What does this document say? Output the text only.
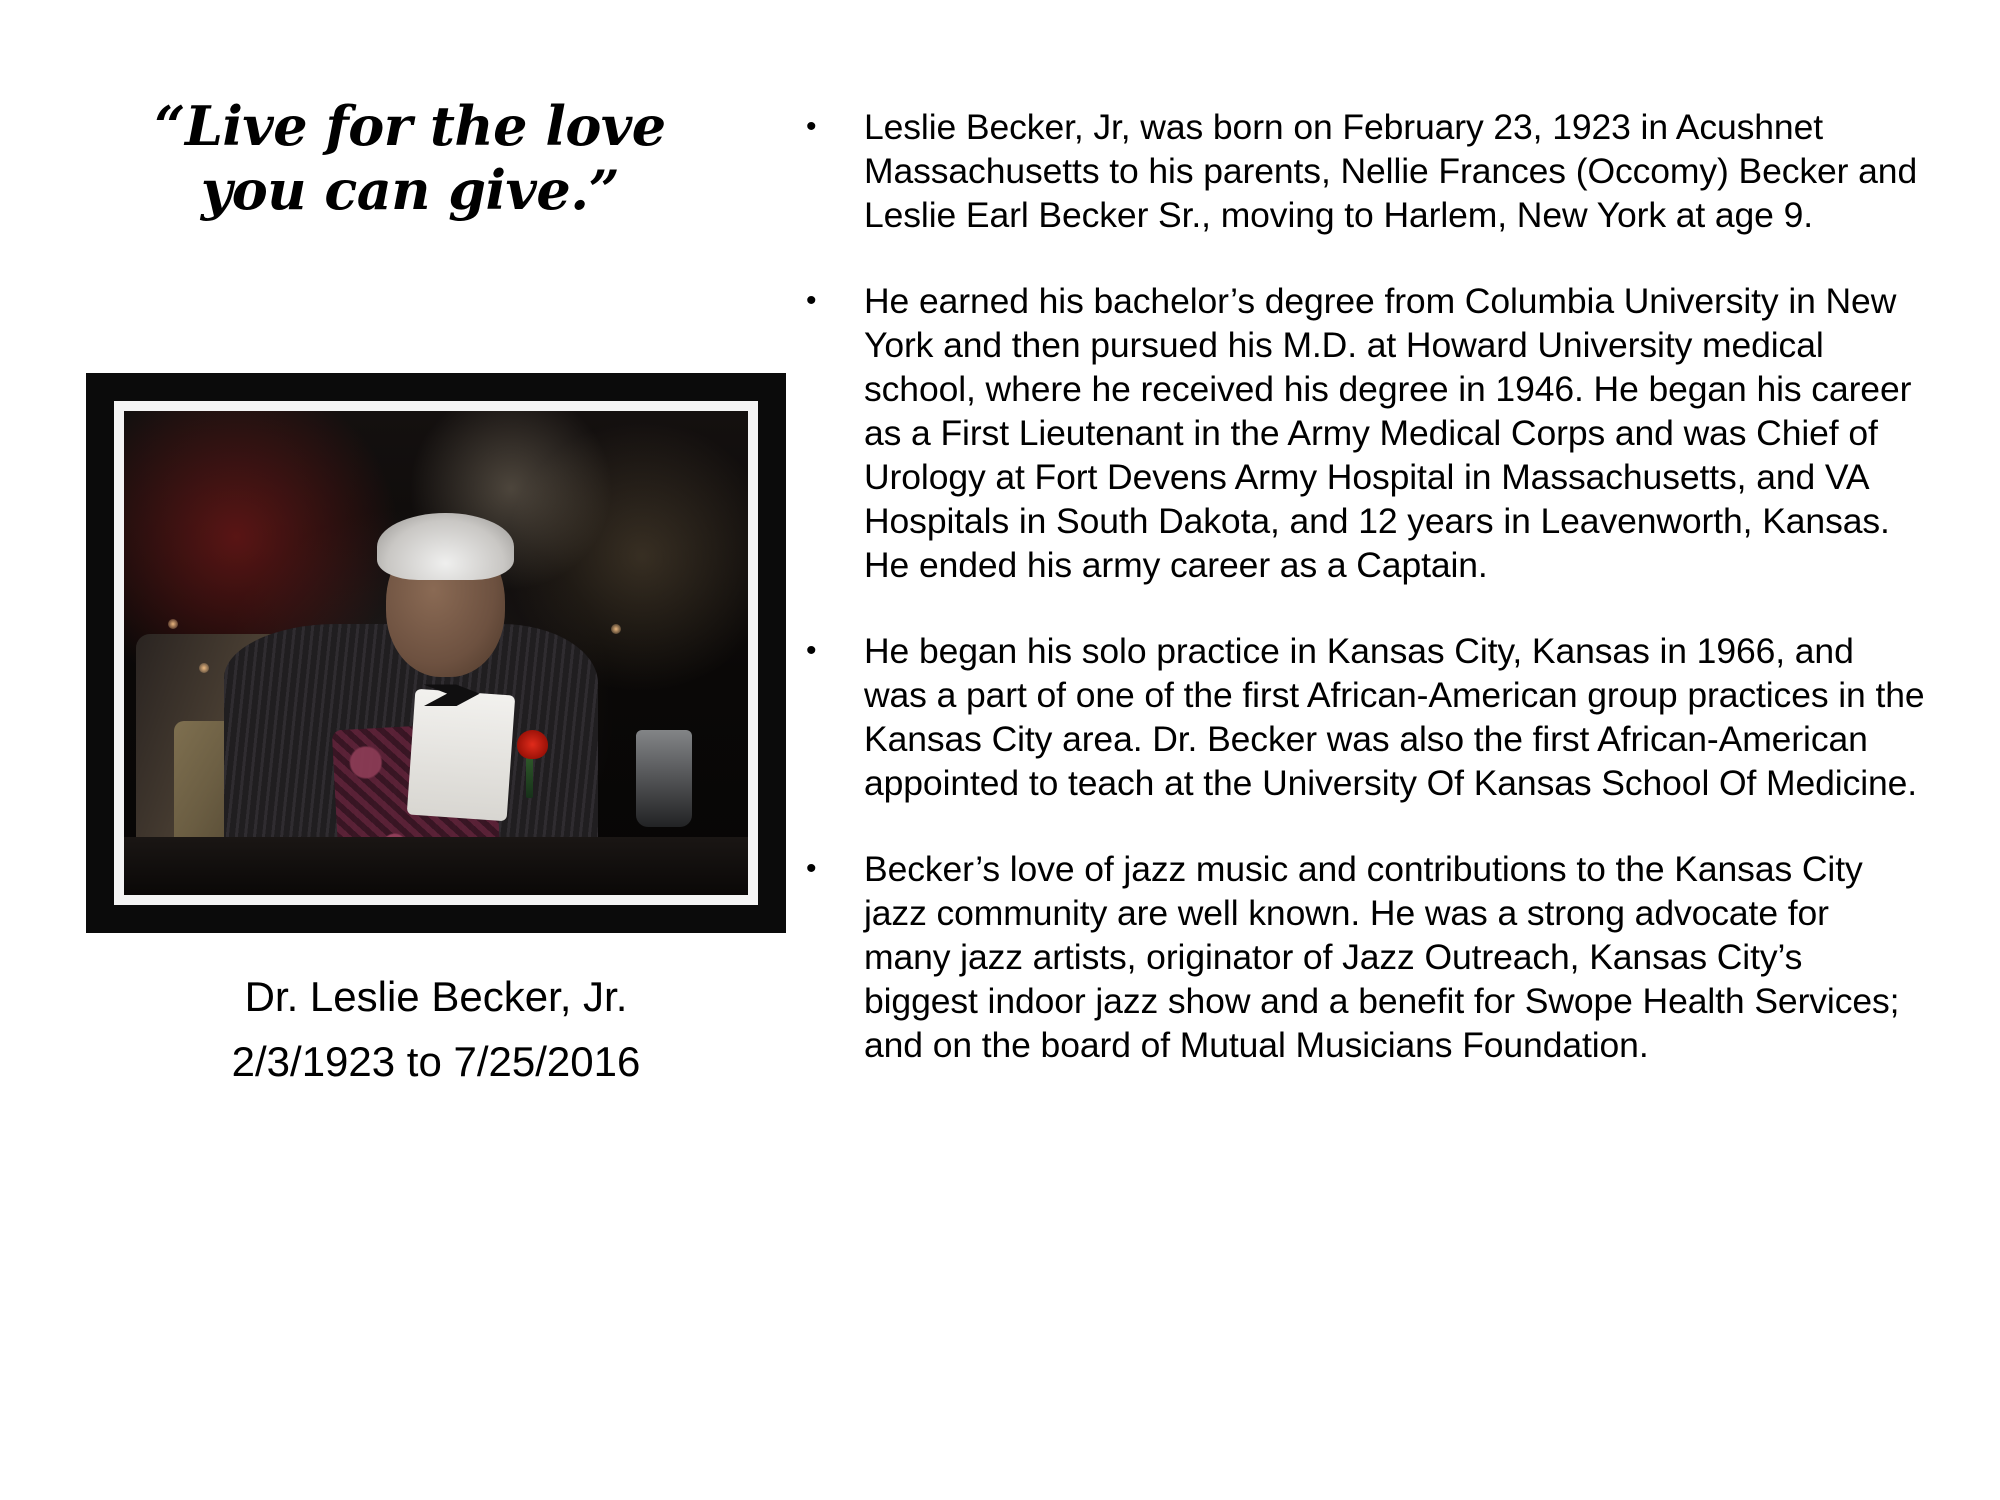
“Live for the love you can give.”
Dr. Leslie Becker, Jr.
2/3/1923 to 7/25/2016
•	Leslie Becker, Jr, was born on February 23, 1923 in Acushnet Massachusetts to his parents, Nellie Frances (Occomy) Becker and Leslie Earl Becker Sr., moving to Harlem, New York at age 9.
•	He earned his bachelor’s degree from Columbia University in New York and then pursued his M.D. at Howard University medical school, where he received his degree in 1946. He began his career as a First Lieutenant in the Army Medical Corps and was Chief of Urology at Fort Devens Army Hospital in Massachusetts, and VA Hospitals in South Dakota, and 12 years in Leavenworth, Kansas. He ended his army career as a Captain.
•	He began his solo practice in Kansas City, Kansas in 1966, and was a part of one of the first African-American group practices in the Kansas City area. Dr. Becker was also the first African-American appointed to teach at the University Of Kansas School Of Medicine.
•	Becker’s love of jazz music and contributions to the Kansas City jazz community are well known. He was a strong advocate for many jazz artists, originator of Jazz Outreach, Kansas City’s biggest indoor jazz show and a benefit for Swope Health Services; and on the board of Mutual Musicians Foundation.
